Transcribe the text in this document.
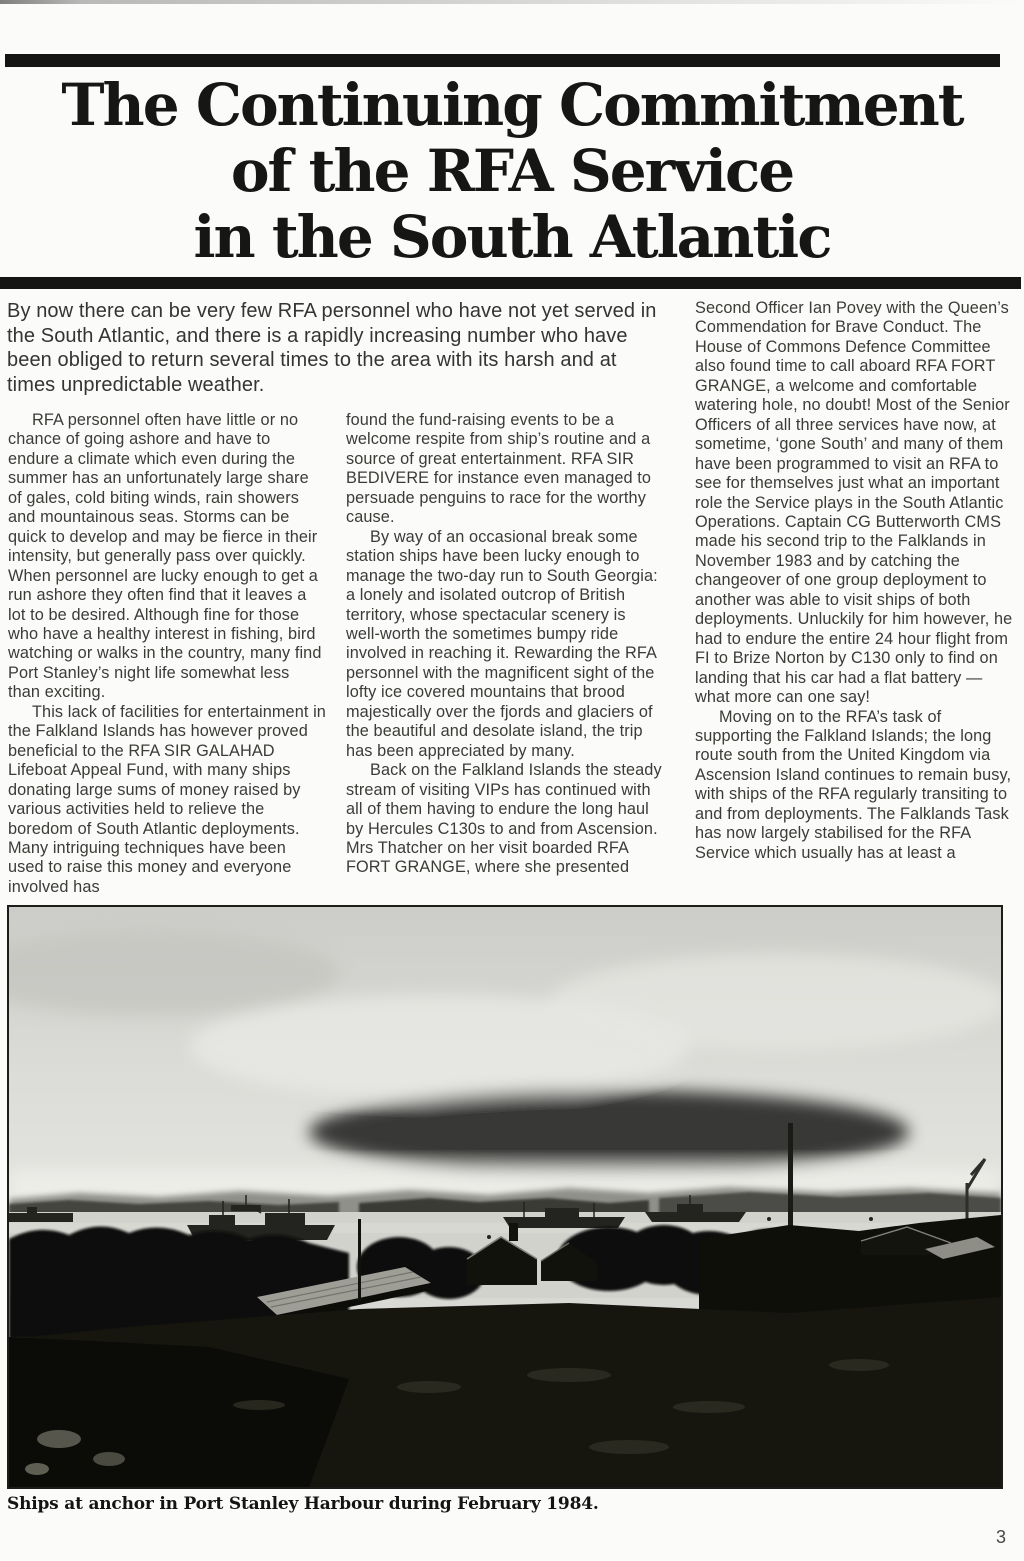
The Continuing Commitment
of the RFA Service
in the South Atlantic
By now there can be very few RFA personnel who have not yet served in the South Atlantic, and there is a rapidly increasing number who have been obliged to return several times to the area with its harsh and at times unpredictable weather.

RFA personnel often have little or no chance of going ashore and have to endure a climate which even during the summer has an unfortunately large share of gales, cold biting winds, rain showers and mountainous seas. Storms can be quick to develop and may be fierce in their intensity, but generally pass over quickly. When personnel are lucky enough to get a run ashore they often find that it leaves a lot to be desired. Although fine for those who have a healthy interest in fishing, bird watching or walks in the country, many find Port Stanley’s night life somewhat less than exciting.

This lack of facilities for entertainment in the Falkland Islands has however proved beneficial to the RFA SIR GALAHAD Lifeboat Appeal Fund, with many ships donating large sums of money raised by various activities held to relieve the boredom of South Atlantic deployments. Many intriguing techniques have been used to raise this money and everyone involved has

found the fund-raising events to be a welcome respite from ship’s routine and a source of great entertainment. RFA SIR BEDIVERE for instance even managed to persuade penguins to race for the worthy cause.

By way of an occasional break some station ships have been lucky enough to manage the two-day run to South Georgia: a lonely and isolated outcrop of British territory, whose spectacular scenery is well-worth the sometimes bumpy ride involved in reaching it. Rewarding the RFA personnel with the magnificent sight of the lofty ice covered mountains that brood majestically over the fjords and glaciers of the beautiful and desolate island, the trip has been appreciated by many.

Back on the Falkland Islands the steady stream of visiting VIPs has continued with all of them having to endure the long haul by Hercules C130s to and from Ascension. Mrs Thatcher on her visit boarded RFA FORT GRANGE, where she presented

Second Officer Ian Povey with the Queen’s Commendation for Brave Conduct. The House of Commons Defence Committee also found time to call aboard RFA FORT GRANGE, a welcome and comfortable watering hole, no doubt! Most of the Senior Officers of all three services have now, at sometime, ‘gone South’ and many of them have been programmed to visit an RFA to see for themselves just what an important role the Service plays in the South Atlantic Operations. Captain CG Butterworth CMS made his second trip to the Falklands in November 1983 and by catching the changeover of one group deployment to another was able to visit ships of both deployments. Unluckily for him however, he had to endure the entire 24 hour flight from FI to Brize Norton by C130 only to find on landing that his car had a flat battery — what more can one say!

Moving on to the RFA’s task of supporting the Falkland Islands; the long route south from the United Kingdom via Ascension Island continues to remain busy, with ships of the RFA regularly transiting to and from deployments. The Falklands Task has now largely stabilised for the RFA Service which usually has at least a

Ships at anchor in Port Stanley Harbour during February 1984.
3
